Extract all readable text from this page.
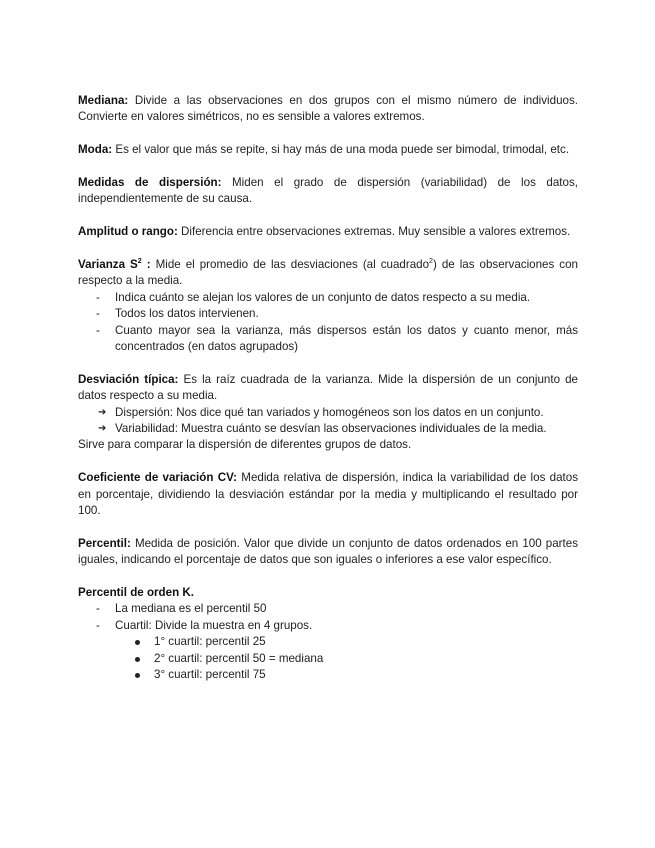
Mediana: Divide a las observaciones en dos grupos con el mismo número de individuos. Convierte en valores simétricos, no es sensible a valores extremos.

Moda: Es el valor que más se repite, si hay más de una moda puede ser bimodal, trimodal, etc.

Medidas de dispersión: Miden el grado de dispersión (variabilidad) de los datos, independientemente de su causa.

Amplitud o rango: Diferencia entre observaciones extremas. Muy sensible a valores extremos.

Varianza $S^2$ : Mide el promedio de las desviaciones (al cuadrado$^2$) de las observaciones con respecto a la media.

- Indica cuánto se alejan los valores de un conjunto de datos respecto a su media.
- Todos los datos intervienen.
- Cuanto mayor sea la varianza, más dispersos están los datos y cuanto menor, más concentrados (en datos agrupados)

Desviación típica: Es la raíz cuadrada de la varianza. Mide la dispersión de un conjunto de datos respecto a su media.

➔ Dispersión: Nos dice qué tan variados y homogéneos son los datos en un conjunto.
➔ Variabilidad: Muestra cuánto se desvían las observaciones individuales de la media.

Sirve para comparar la dispersión de diferentes grupos de datos.

Coeficiente de variación CV: Medida relativa de dispersión, indica la variabilidad de los datos en porcentaje, dividiendo la desviación estándar por la media y multiplicando el resultado por 100.

Percentil: Medida de posición. Valor que divide un conjunto de datos ordenados en 100 partes iguales, indicando el porcentaje de datos que son iguales o inferiores a ese valor específico.

Percentil de orden K.

- La mediana es el percentil 50
- Cuartil: Divide la muestra en 4 grupos.
1° cuartil: percentil 25
2° cuartil: percentil 50 = mediana
3° cuartil: percentil 75
